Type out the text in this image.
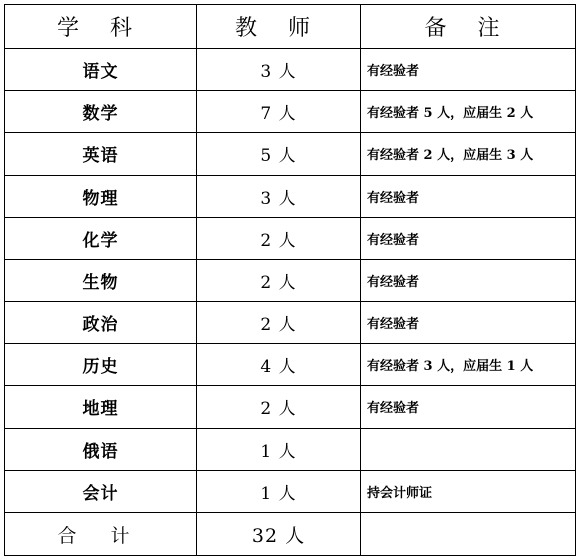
学 科	教 师	备 注
语文	3 人	有经验者
数学	7 人	有经验者 5 人，应届生 2 人
英语	5 人	有经验者 2 人，应届生 3 人
物理	3 人	有经验者
化学	2 人	有经验者
生物	2 人	有经验者
政治	2 人	有经验者
历史	4 人	有经验者 3 人，应届生 1 人
地理	2 人	有经验者
俄语	1 人	
会计	1 人	持会计师证
合 计	32 人	
